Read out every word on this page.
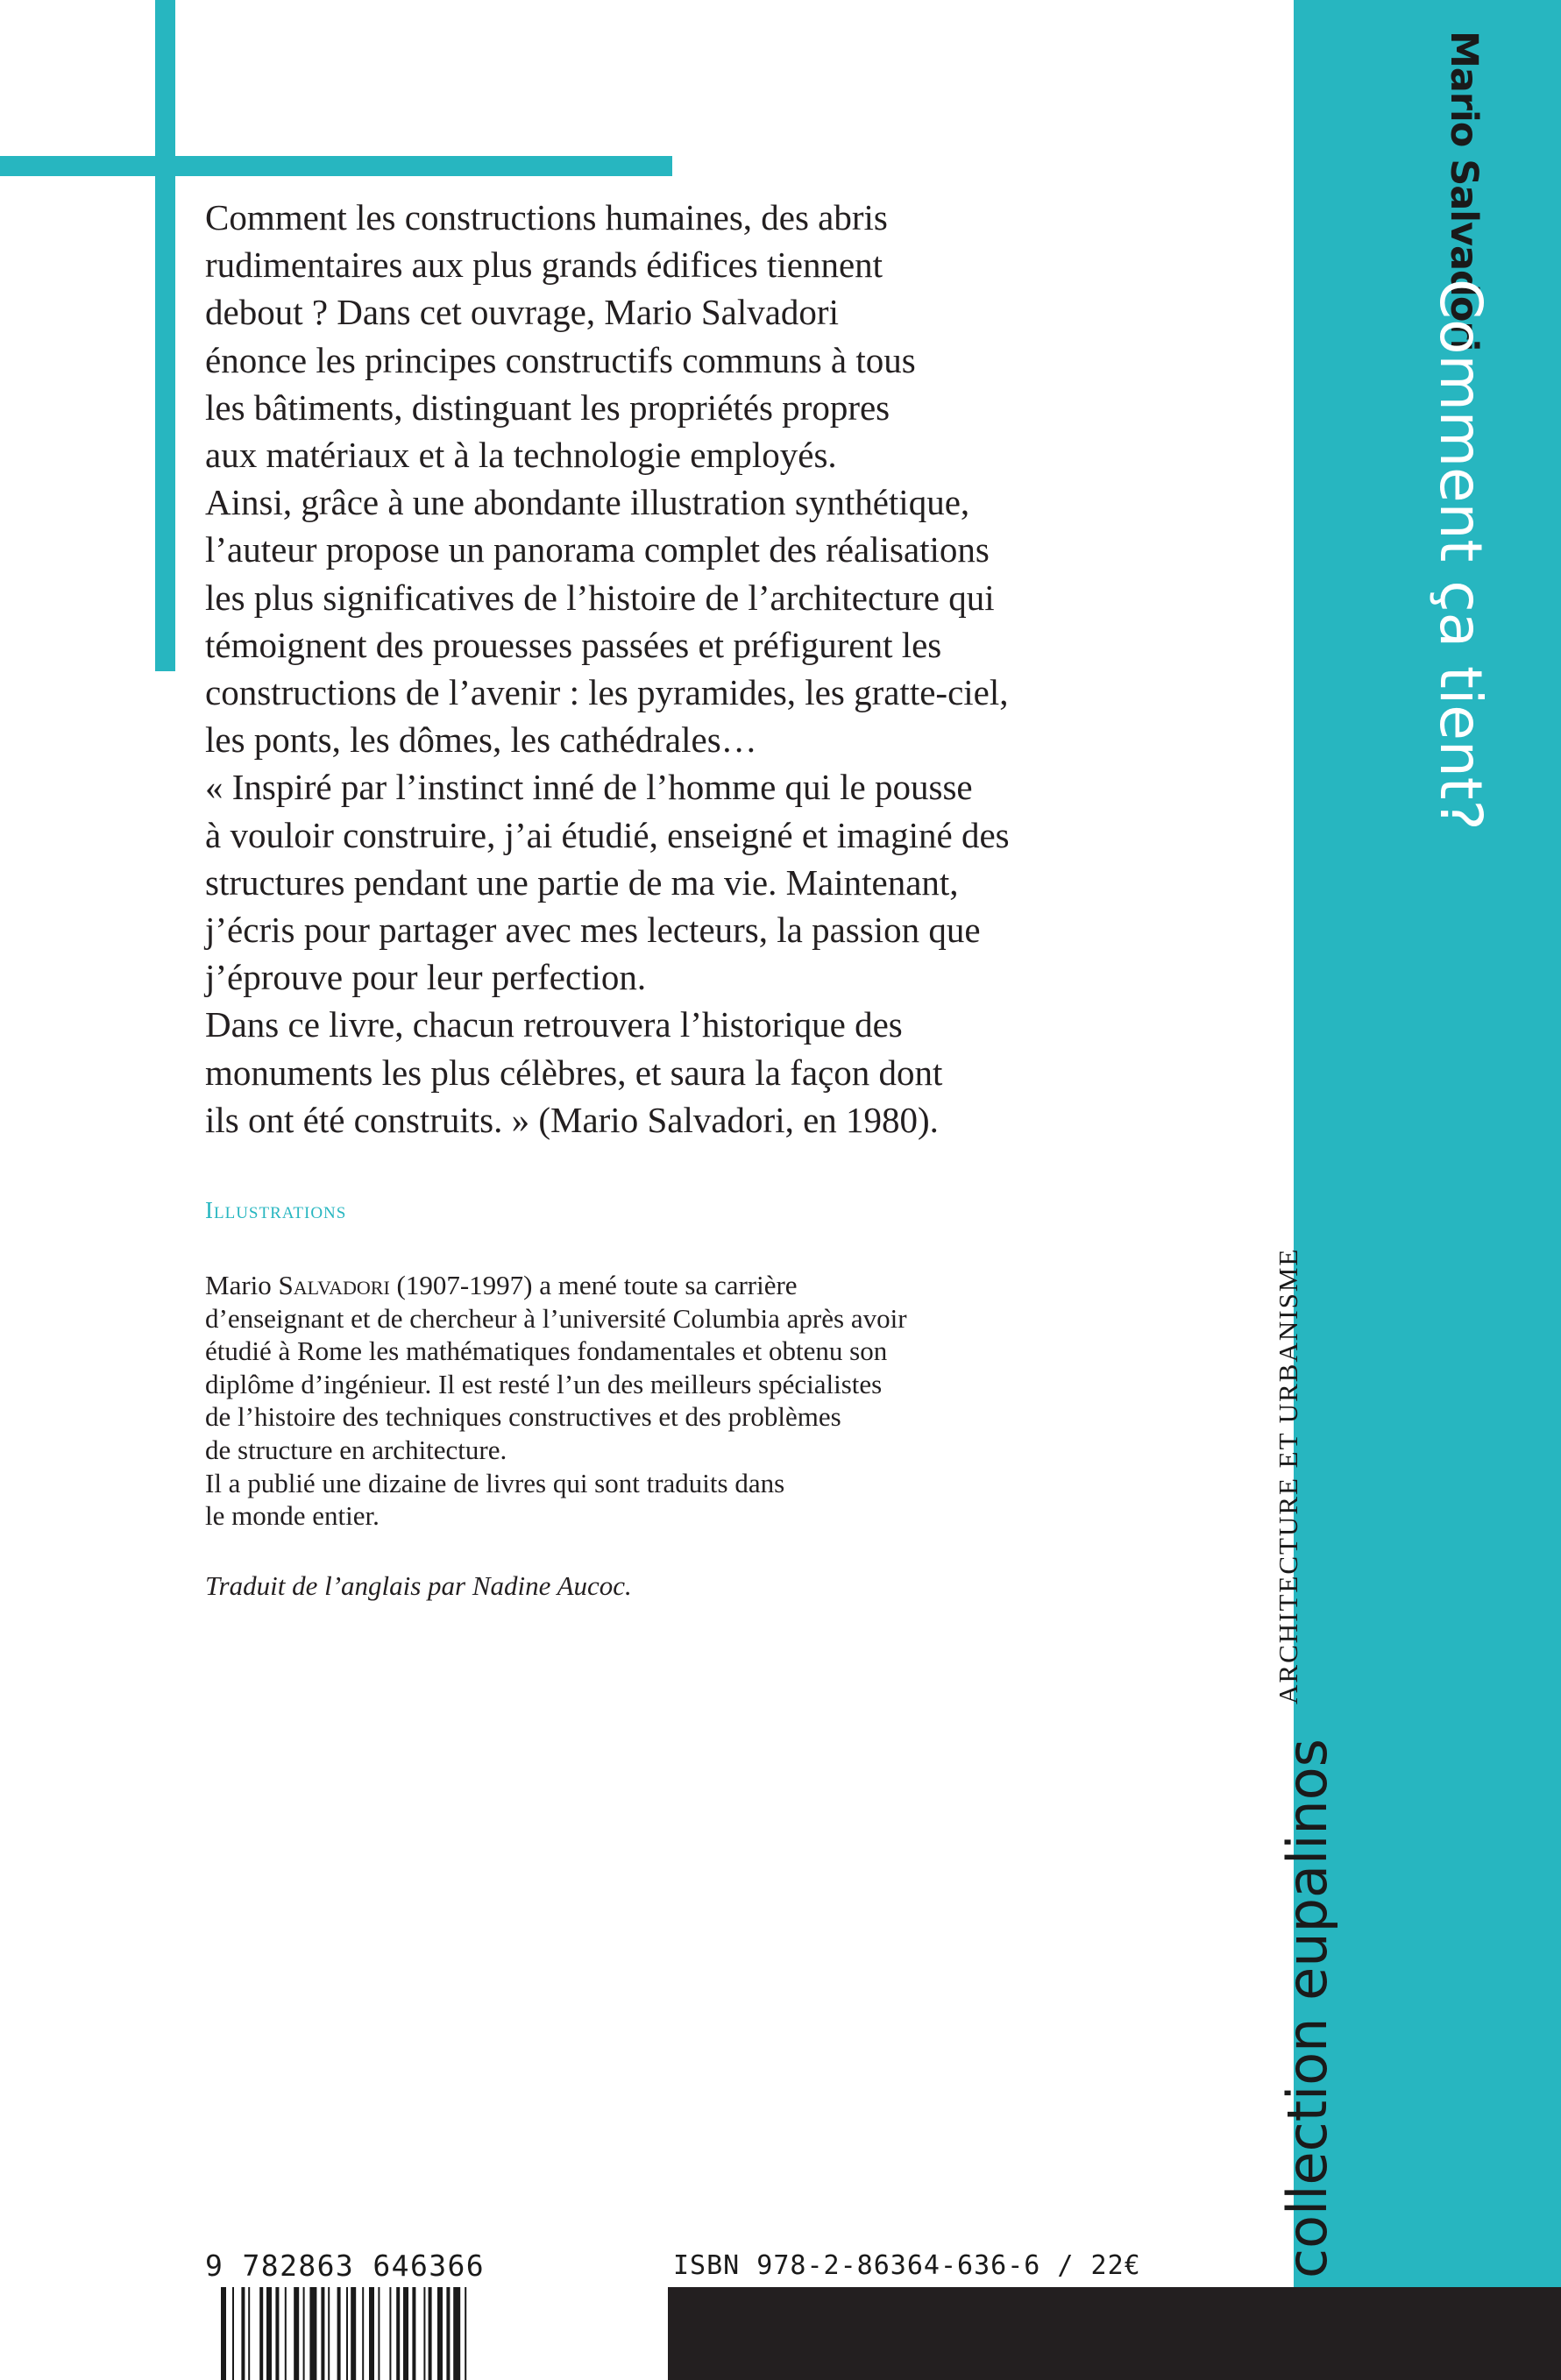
Comment les constructions humaines, des abris
rudimentaires aux plus grands édifices tiennent
debout ? Dans cet ouvrage, Mario Salvadori
énonce les principes constructifs communs à tous
les bâtiments, distinguant les propriétés propres
aux matériaux et à la technologie employés.
Ainsi, grâce à une abondante illustration synthétique,
l’auteur propose un panorama complet des réalisations
les plus significatives de l’histoire de l’architecture qui
témoignent des prouesses passées et préfigurent les
constructions de l’avenir : les pyramides, les gratte-ciel,
les ponts, les dômes, les cathédrales…
« Inspiré par l’instinct inné de l’homme qui le pousse
à vouloir construire, j’ai étudié, enseigné et imaginé des
structures pendant une partie de ma vie. Maintenant,
j’écris pour partager avec mes lecteurs, la passion que
j’éprouve pour leur perfection.
Dans ce livre, chacun retrouvera l’historique des
monuments les plus célèbres, et saura la façon dont
ils ont été construits. » (Mario Salvadori, en 1980).
Illustrations
Mario Salvadori (1907-1997) a mené toute sa carrière
d’enseignant et de chercheur à l’université Columbia après avoir
étudié à Rome les mathématiques fondamentales et obtenu son
diplôme d’ingénieur. Il est resté l’un des meilleurs spécialistes
de l’histoire des techniques constructives et des problèmes
de structure en architecture.
Il a publié une dizaine de livres qui sont traduits dans
le monde entier.
Traduit de l’anglais par Nadine Aucoc.
Mario Salvadori
Comment ça tient?
collection eupalinos
ARCHITECTURE ET URBANISME
9 782863 646366	ISBN 978-2-86364-636-6 / 22€
